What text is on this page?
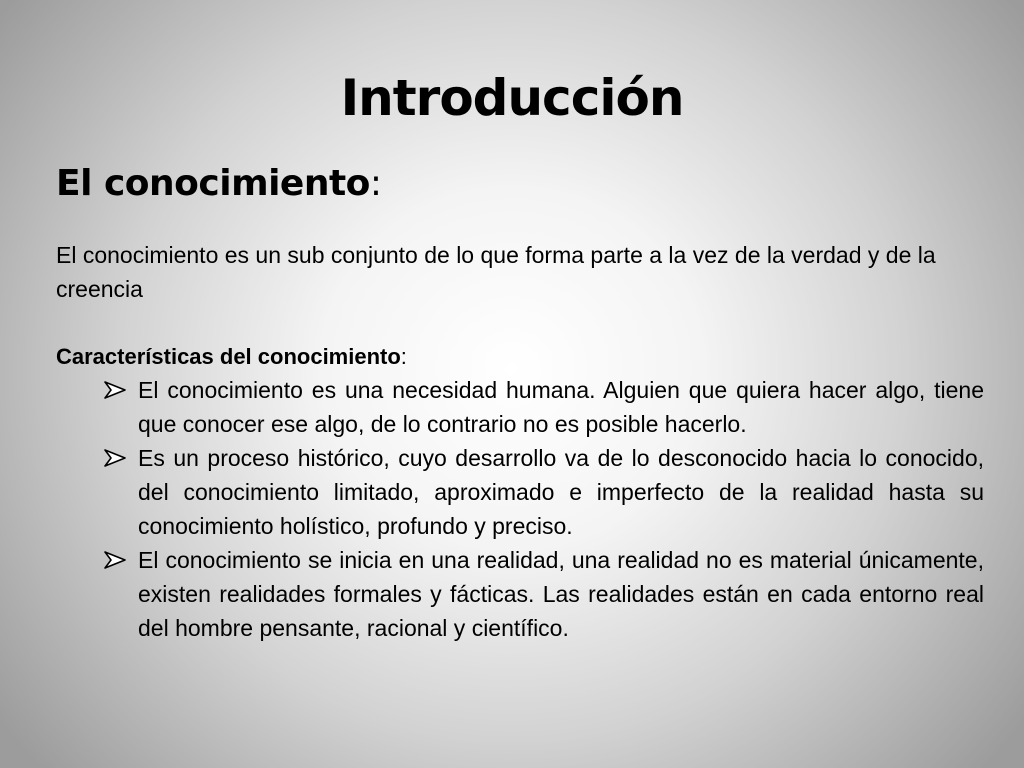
Introducción
El conocimiento:
El conocimiento es un sub conjunto de lo que forma parte a la vez de la verdad y de la creencia
Características del conocimiento:
El conocimiento es una necesidad humana. Alguien que quiera hacer algo, tiene que conocer ese algo, de lo contrario no es posible hacerlo.
Es un proceso histórico, cuyo desarrollo va de lo desconocido hacia lo conocido, del conocimiento limitado, aproximado e imperfecto de la realidad hasta su conocimiento holístico, profundo y preciso.
El conocimiento se inicia en una realidad, una realidad no es material únicamente, existen realidades formales y fácticas. Las realidades están en cada entorno real del hombre pensante, racional y científico.
